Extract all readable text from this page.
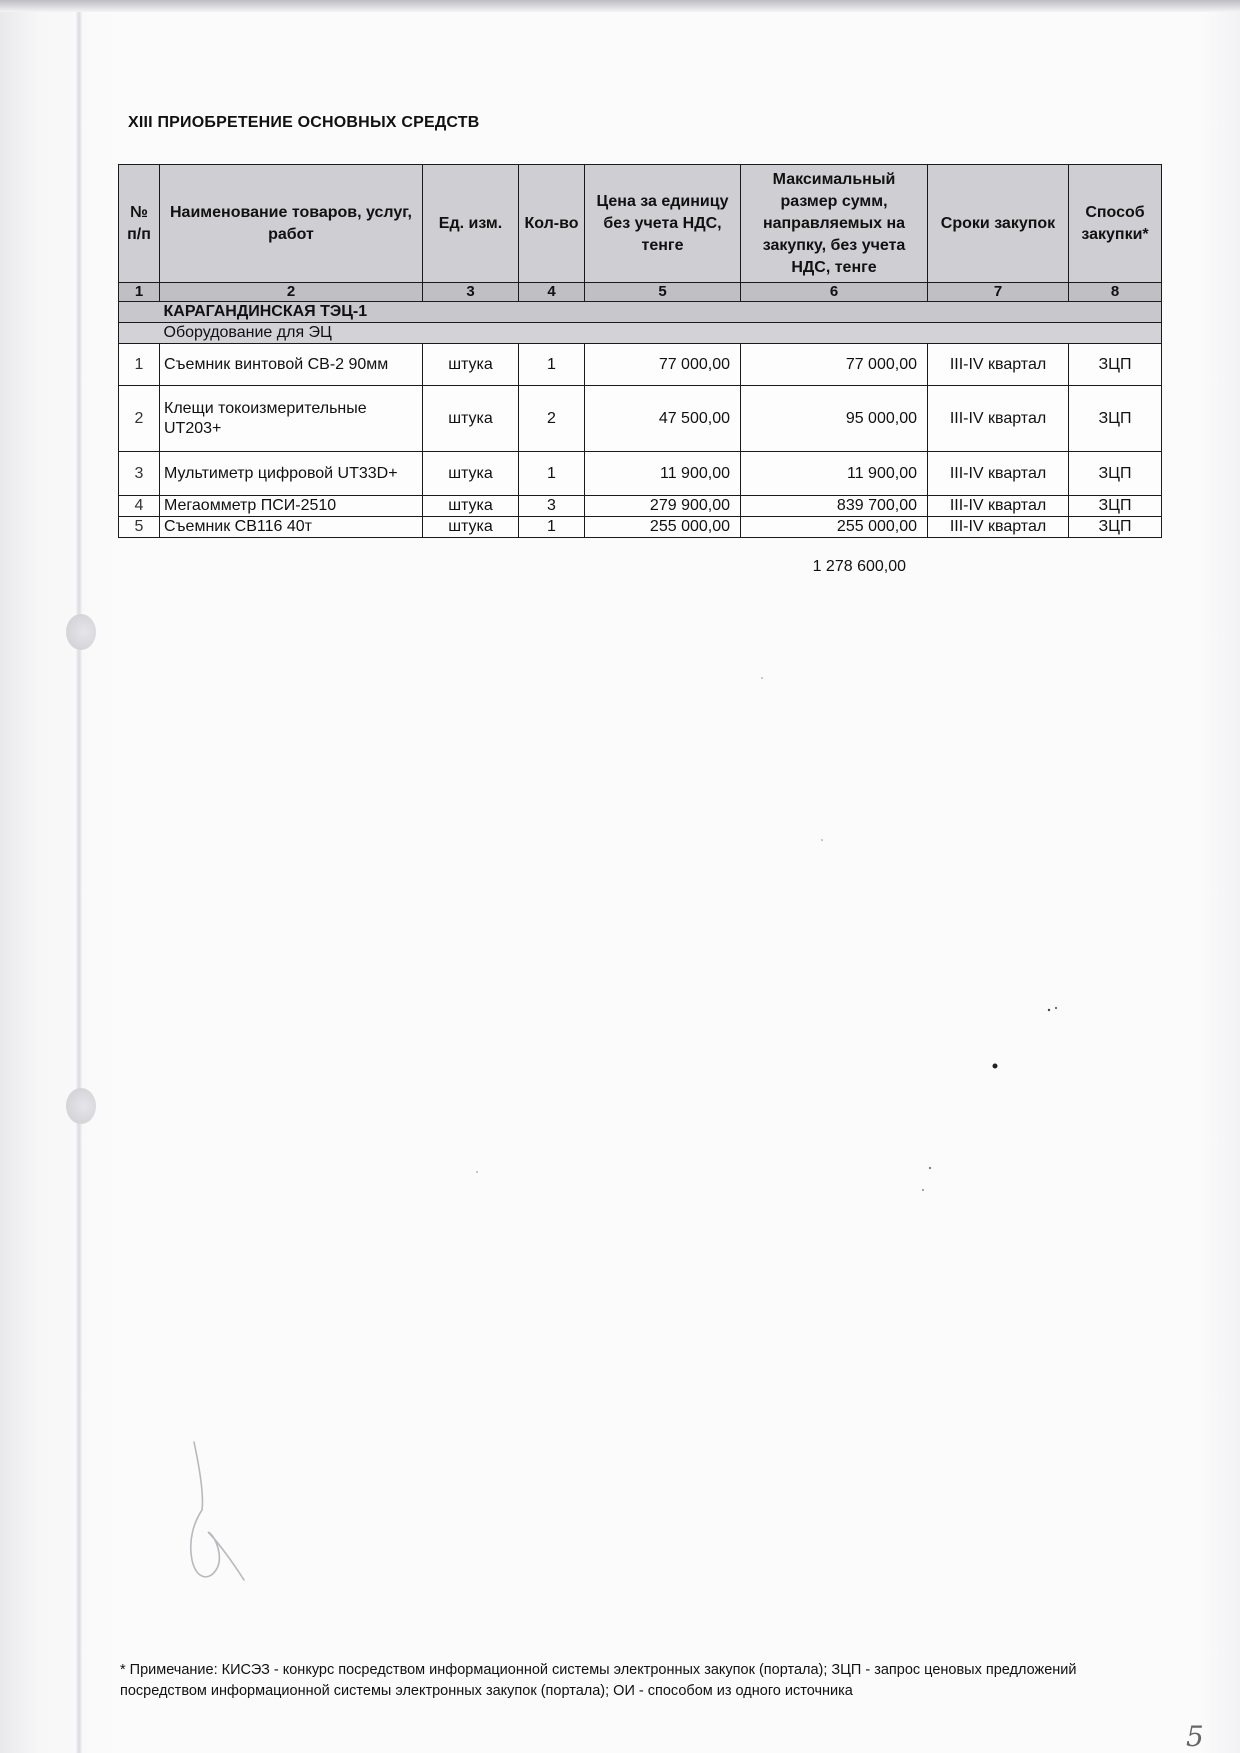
XIII ПРИОБРЕТЕНИЕ ОСНОВНЫХ СРЕДСТВ
№ п/п	Наименование товаров, услуг, работ	Ед. изм.	Кол-во	Цена за единицу без учета НДС, тенге	Максимальный размер сумм, направляемых на закупку, без учета НДС, тенге	Сроки закупок	Способ закупки*
1	2	3	4	5	6	7	8
	КАРАГАНДИНСКАЯ ТЭЦ-1						
	Оборудование для ЭЦ						
1	Съемник винтовой СВ-2 90мм	штука	1	77 000,00	77 000,00	III-IV квартал	ЗЦП
2	Клещи токоизмерительные UT203+	штука	2	47 500,00	95 000,00	III-IV квартал	ЗЦП
3	Мультиметр цифровой UT33D+	штука	1	11 900,00	11 900,00	III-IV квартал	ЗЦП
4	Мегаомметр ПСИ-2510	штука	3	279 900,00	839 700,00	III-IV квартал	ЗЦП
5	Съемник СВ116 40т	штука	1	255 000,00	255 000,00	III-IV квартал	ЗЦП
1 278 600,00
* Примечание: КИСЭЗ - конкурс посредством информационной системы электронных закупок (портала); ЗЦП - запрос ценовых предложений посредством информационной системы электронных закупок (портала); ОИ - способом из одного источника
5
